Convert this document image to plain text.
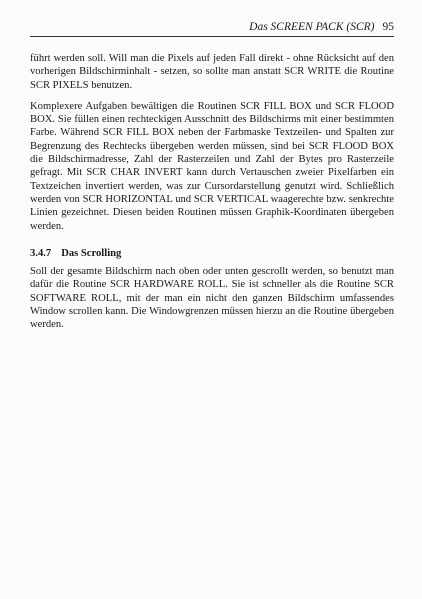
Das SCREEN PACK (SCR) 95

führt werden soll. Will man die Pixels auf jeden Fall direkt - ohne Rücksicht auf den vorherigen Bildschirminhalt - setzen, so sollte man anstatt SCR WRITE die Routine SCR PIXELS benutzen.

Komplexere Aufgaben bewältigen die Routinen SCR FILL BOX und SCR FLOOD BOX. Sie füllen einen rechteckigen Ausschnitt des Bildschirms mit einer bestimmten Farbe. Während SCR FILL BOX neben der Farbmaske Textzeilen- und Spalten zur Begrenzung des Rechtecks übergeben werden müssen, sind bei SCR FLOOD BOX die Bildschirmadresse, Zahl der Rasterzeilen und Zahl der Bytes pro Rasterzeile gefragt. Mit SCR CHAR INVERT kann durch Vertauschen zweier Pixelfarben ein Textzeichen invertiert werden, was zur Cursordarstellung genutzt wird. Schließlich werden von SCR HORIZONTAL und SCR VERTICAL waagerechte bzw. senkrechte Linien gezeichnet. Diesen beiden Routinen müssen Graphik-Koordinaten übergeben werden.

3.4.7 Das Scrolling

Soll der gesamte Bildschirm nach oben oder unten gescrollt werden, so benutzt man dafür die Routine SCR HARDWARE ROLL. Sie ist schneller als die Routine SCR SOFTWARE ROLL, mit der man ein nicht den ganzen Bildschirm umfassendes Window scrollen kann. Die Windowgrenzen müssen hierzu an die Routine übergeben werden.
